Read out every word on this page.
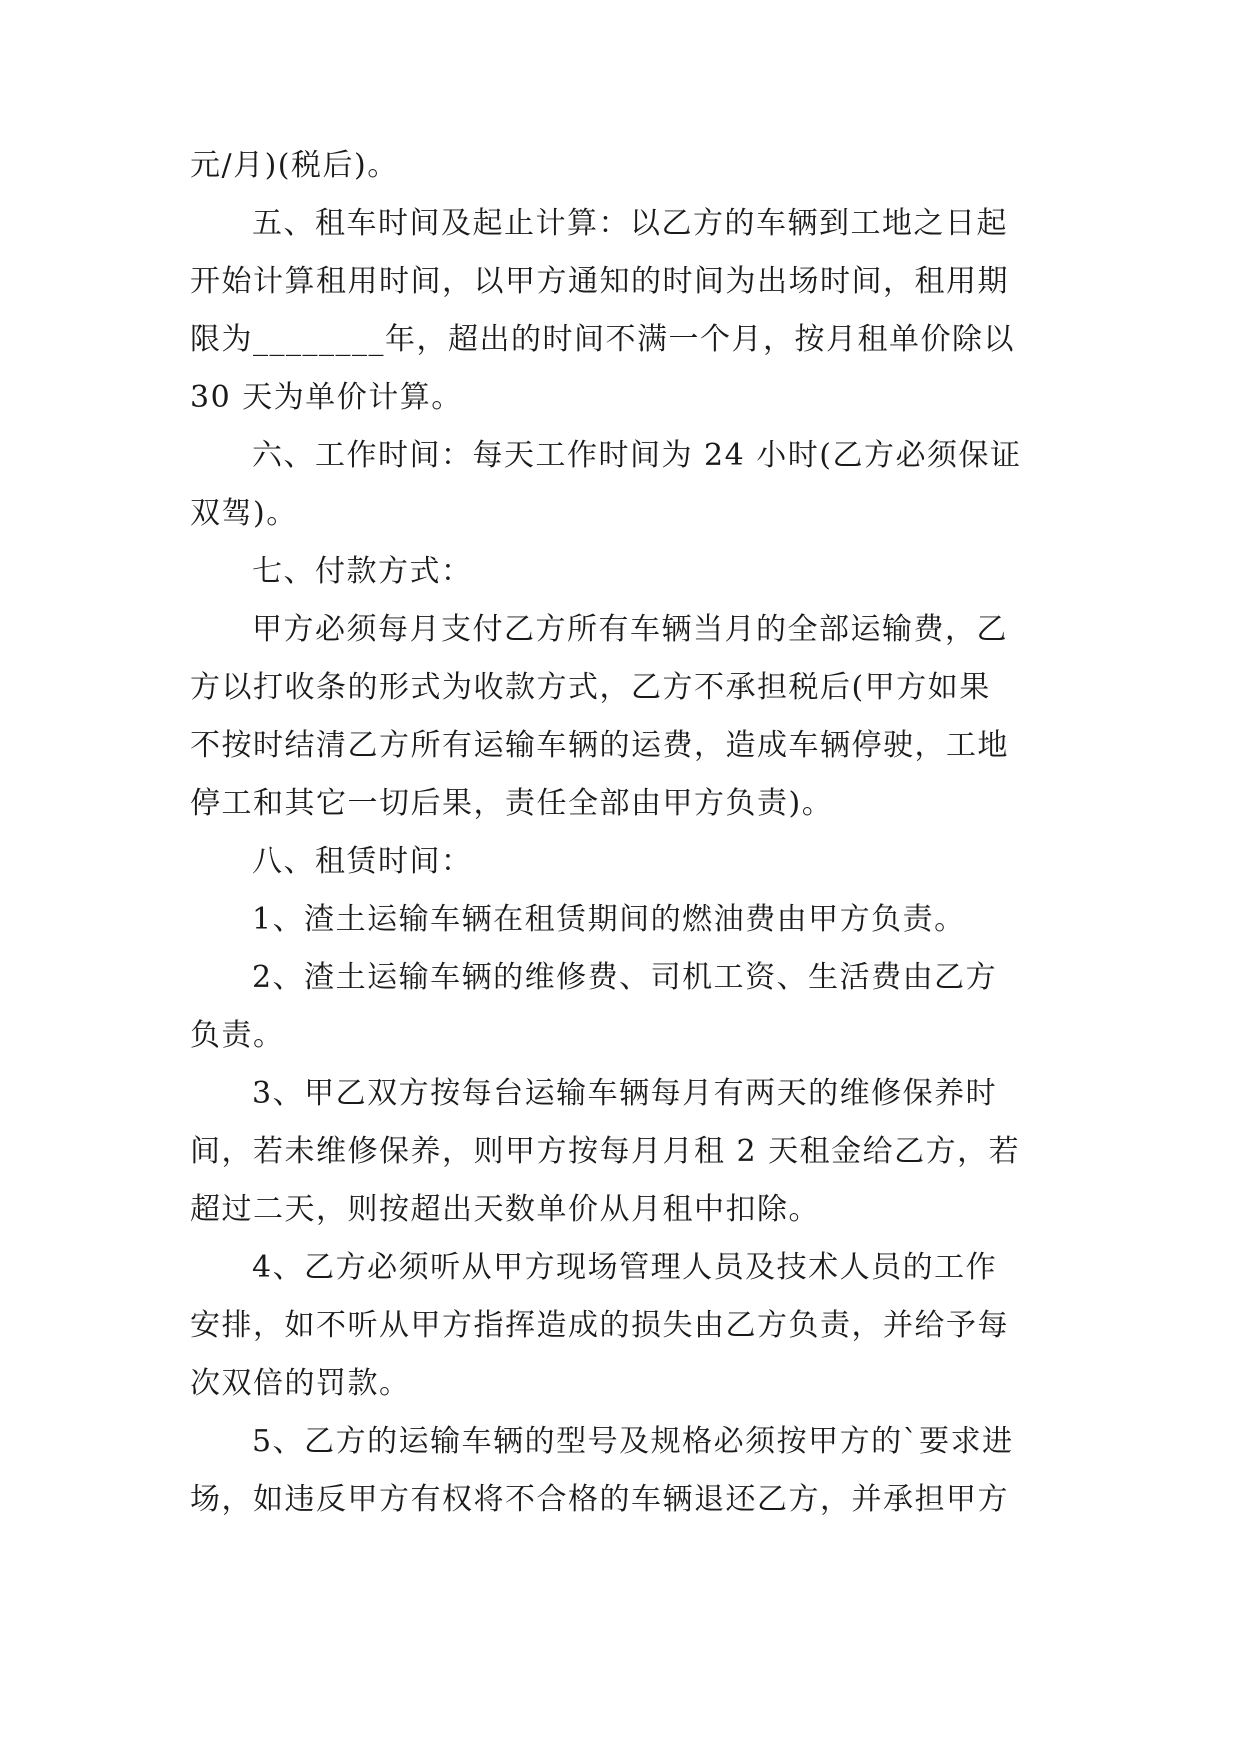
元/月)(税后)。
五、租车时间及起止计算：以乙方的车辆到工地之日起
开始计算租用时间，以甲方通知的时间为出场时间，租用期
限为________年，超出的时间不满一个月，按月租单价除以
30 天为单价计算。
六、工作时间：每天工作时间为 24 小时(乙方必须保证
双驾)。
七、付款方式：
甲方必须每月支付乙方所有车辆当月的全部运输费，乙
方以打收条的形式为收款方式，乙方不承担税后(甲方如果
不按时结清乙方所有运输车辆的运费，造成车辆停驶，工地
停工和其它一切后果，责任全部由甲方负责)。
八、租赁时间：
1、渣土运输车辆在租赁期间的燃油费由甲方负责。
2、渣土运输车辆的维修费、司机工资、生活费由乙方
负责。
3、甲乙双方按每台运输车辆每月有两天的维修保养时
间，若未维修保养，则甲方按每月月租 2 天租金给乙方，若
超过二天，则按超出天数单价从月租中扣除。
4、乙方必须听从甲方现场管理人员及技术人员的工作
安排，如不听从甲方指挥造成的损失由乙方负责，并给予每
次双倍的罚款。
5、乙方的运输车辆的型号及规格必须按甲方的`要求进
场，如违反甲方有权将不合格的车辆退还乙方，并承担甲方
